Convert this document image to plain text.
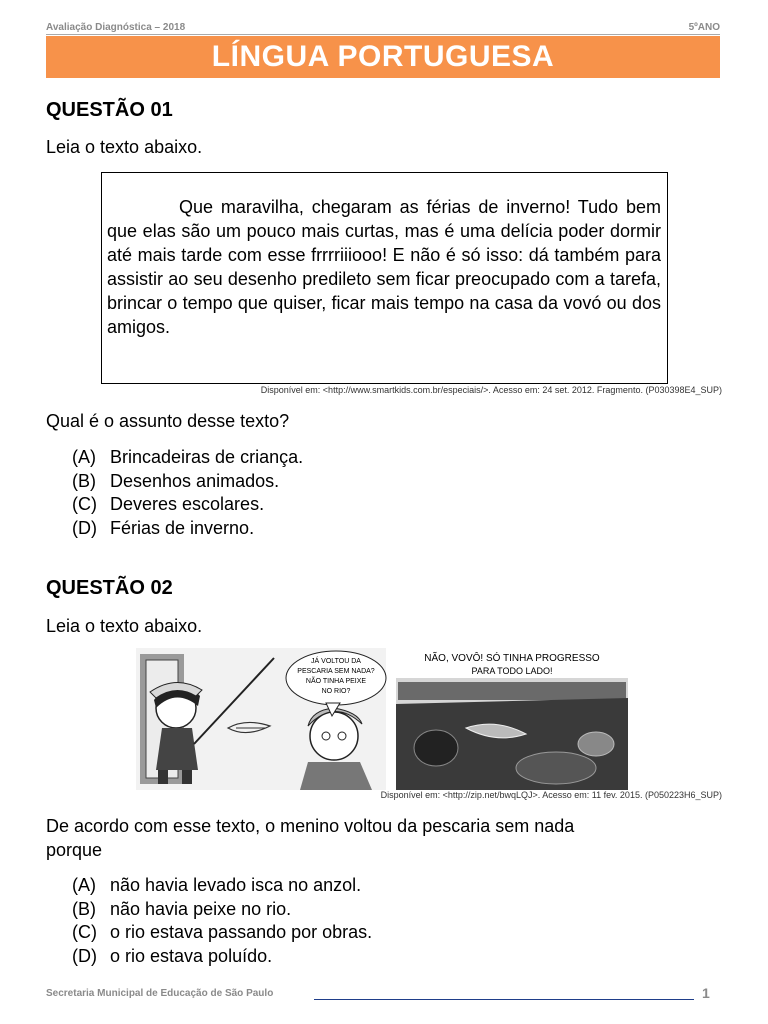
Avaliação Diagnóstica – 2018	5ºANO
LÍNGUA PORTUGUESA
QUESTÃO 01
Leia o texto abaixo.

Que maravilha, chegaram as férias de inverno! Tudo bem que elas são um pouco mais curtas, mas é uma delícia poder dormir até mais tarde com esse frrrriiiooo! E não é só isso: dá também para assistir ao seu desenho predileto sem ficar preocupado com a tarefa, brincar o tempo que quiser, ficar mais tempo na casa da vovó ou dos amigos.

Disponível em: <http://www.smartkids.com.br/especiais/>. Acesso em: 24 set. 2012. Fragmento. (P030398E4_SUP)
Qual é o assunto desse texto?
(A) Brincadeiras de criança.
(B) Desenhos animados.
(C) Deveres escolares.
(D) Férias de inverno.
QUESTÃO 02
Leia o texto abaixo.
JÁ VOLTOU DA
PESCARIA SEM NADA?
NÃO TINHA PEIXE
NO RIO?
NÃO, VOVÔ! SÓ TINHA PROGRESSO
PARA TODO LADO!
Disponível em: <http://zip.net/bwqLQJ>. Acesso em: 11 fev. 2015. (P050223H6_SUP)
De acordo com esse texto, o menino voltou da pescaria sem nada
porque
(A) não havia levado isca no anzol.
(B) não havia peixe no rio.
(C) o rio estava passando por obras.
(D) o rio estava poluído.
Secretaria Municipal de Educação de São Paulo	1
